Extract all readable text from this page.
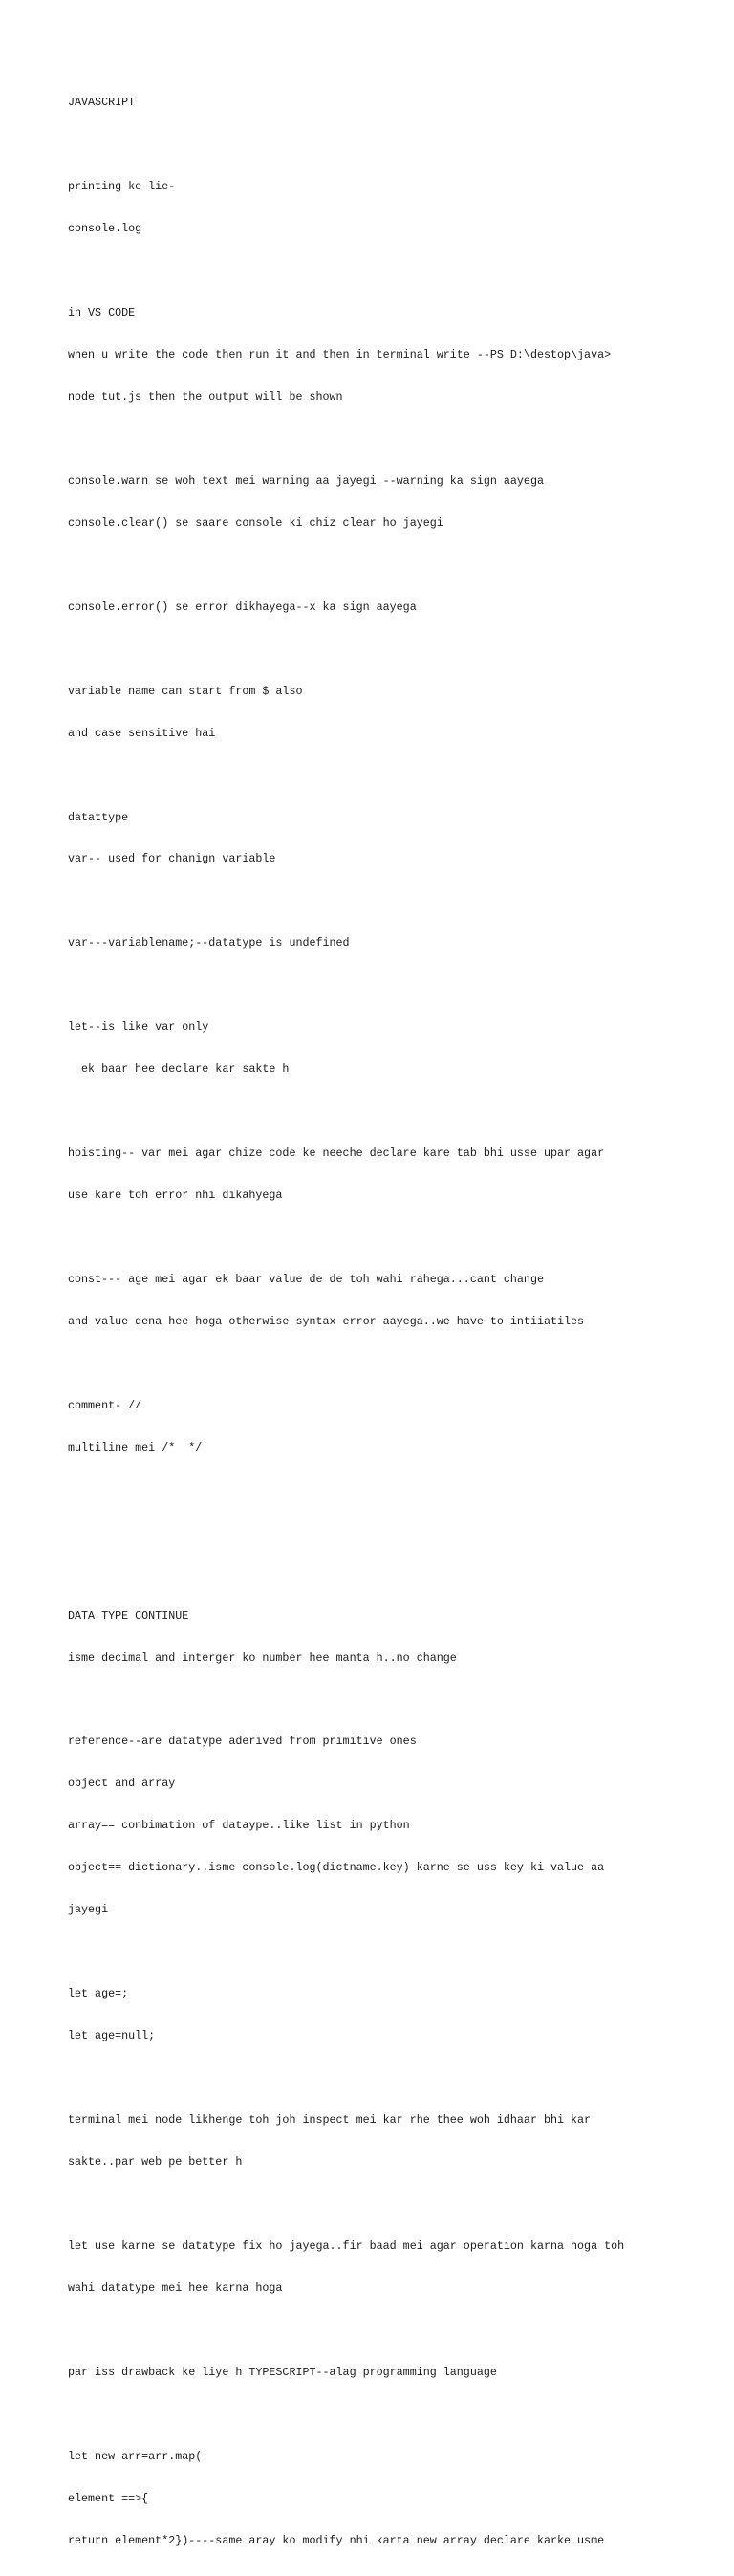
JAVASCRIPT

printing ke lie-

console.log

in VS CODE

when u write the code then run it and then in terminal write --PS D:\destop\java>

node tut.js then the output will be shown

console.warn se woh text mei warning aa jayegi --warning ka sign aayega

console.clear() se saare console ki chiz clear ho jayegi

console.error() se error dikhayega--x ka sign aayega

variable name can start from $ also

and case sensitive hai

datattype

var-- used for chanign variable

var---variablename;--datatype is undefined

let--is like var only

ek baar hee declare kar sakte h

hoisting-- var mei agar chize code ke neeche declare kare tab bhi usse upar agar

use kare toh error nhi dikahyega

const--- age mei agar ek baar value de de toh wahi rahega...cant change

and value dena hee hoga otherwise syntax error aayega..we have to intiiatiles

comment- //

multiline mei /*  */

DATA TYPE CONTINUE

isme decimal and interger ko number hee manta h..no change

reference--are datatype aderived from primitive ones

object and array

array== conbimation of dataype..like list in python

object== dictionary..isme console.log(dictname.key) karne se uss key ki value aa

jayegi

let age=;

let age=null;

terminal mei node likhenge toh joh inspect mei kar rhe thee woh idhaar bhi kar

sakte..par web pe better h

let use karne se datatype fix ho jayega..fir baad mei agar operation karna hoga toh

wahi datatype mei hee karna hoga

par iss drawback ke liye h TYPESCRIPT--alag programming language

let new arr=arr.map(

element ==>{

return element*2})----same aray ko modify nhi karta new array declare karke usme
